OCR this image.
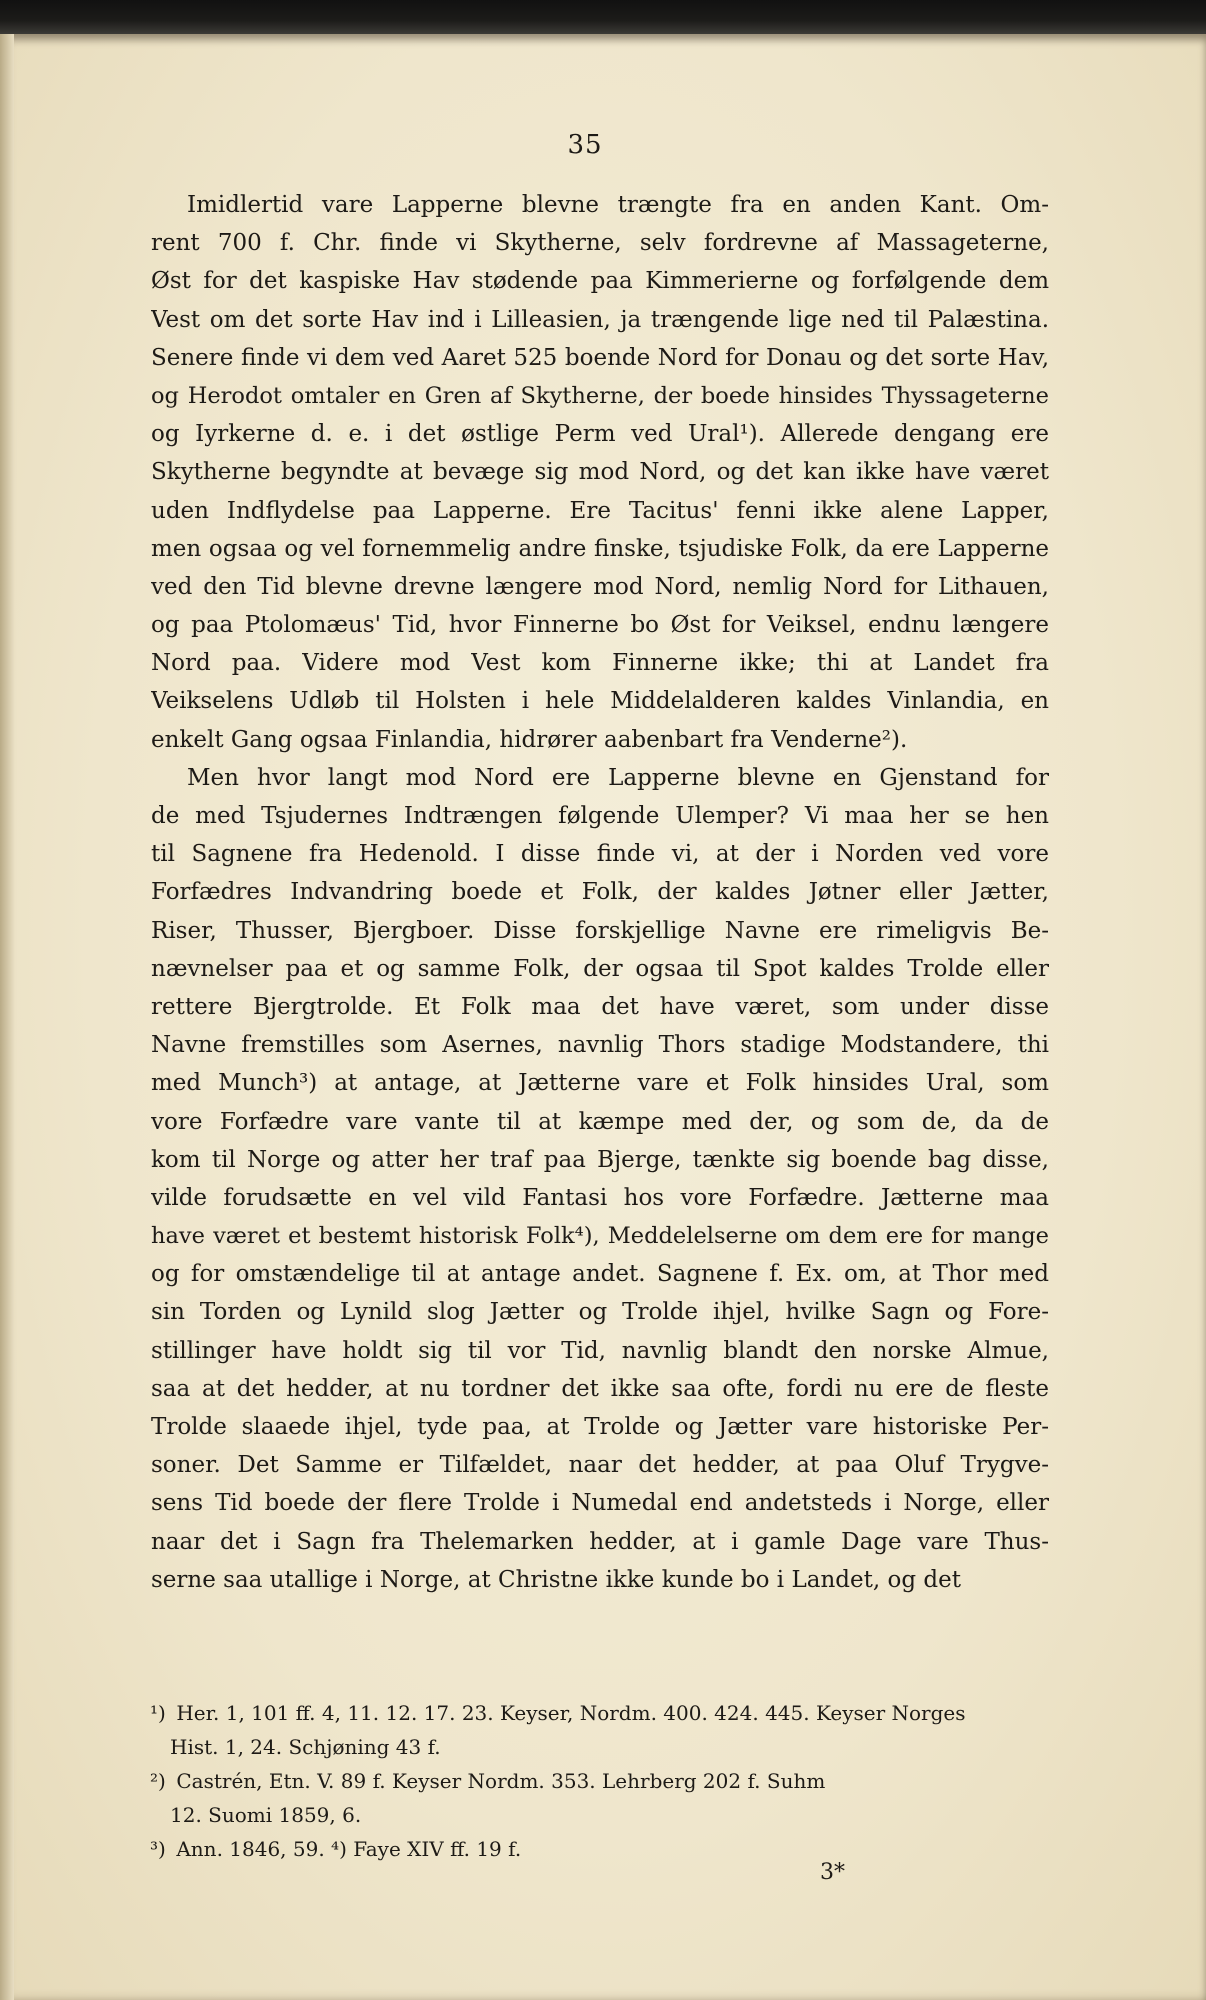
35
Imidlertid vare Lapperne blevne trængte fra en anden Kant. Om-
rent 700 f. Chr. finde vi Skytherne, selv fordrevne af Massageterne,
Øst for det kaspiske Hav stødende paa Kimmerierne og forfølgende dem
Vest om det sorte Hav ind i Lilleasien, ja trængende lige ned til Palæstina.
Senere finde vi dem ved Aaret 525 boende Nord for Donau og det sorte Hav,
og Herodot omtaler en Gren af Skytherne, der boede hinsides Thyssageterne
og Iyrkerne d. e. i det østlige Perm ved Ural¹). Allerede dengang ere
Skytherne begyndte at bevæge sig mod Nord, og det kan ikke have været
uden Indflydelse paa Lapperne. Ere Tacitus' fenni ikke alene Lapper,
men ogsaa og vel fornemmelig andre finske, tsjudiske Folk, da ere Lapperne
ved den Tid blevne drevne længere mod Nord, nemlig Nord for Lithauen,
og paa Ptolomæus' Tid, hvor Finnerne bo Øst for Veiksel, endnu længere
Nord paa. Videre mod Vest kom Finnerne ikke; thi at Landet fra
Veikselens Udløb til Holsten i hele Middelalderen kaldes Vinlandia, en
enkelt Gang ogsaa Finlandia, hidrører aabenbart fra Venderne²).
Men hvor langt mod Nord ere Lapperne blevne en Gjenstand for
de med Tsjudernes Indtrængen følgende Ulemper? Vi maa her se hen
til Sagnene fra Hedenold. I disse finde vi, at der i Norden ved vore
Forfædres Indvandring boede et Folk, der kaldes Jøtner eller Jætter,
Riser, Thusser, Bjergboer. Disse forskjellige Navne ere rimeligvis Be-
nævnelser paa et og samme Folk, der ogsaa til Spot kaldes Trolde eller
rettere Bjergtrolde. Et Folk maa det have været, som under disse
Navne fremstilles som Asernes, navnlig Thors stadige Modstandere, thi
med Munch³) at antage, at Jætterne vare et Folk hinsides Ural, som
vore Forfædre vare vante til at kæmpe med der, og som de, da de
kom til Norge og atter her traf paa Bjerge, tænkte sig boende bag disse,
vilde forudsætte en vel vild Fantasi hos vore Forfædre. Jætterne maa
have været et bestemt historisk Folk⁴), Meddelelserne om dem ere for mange
og for omstændelige til at antage andet. Sagnene f. Ex. om, at Thor med
sin Torden og Lynild slog Jætter og Trolde ihjel, hvilke Sagn og Fore-
stillinger have holdt sig til vor Tid, navnlig blandt den norske Almue,
saa at det hedder, at nu tordner det ikke saa ofte, fordi nu ere de fleste
Trolde slaaede ihjel, tyde paa, at Trolde og Jætter vare historiske Per-
soner. Det Samme er Tilfældet, naar det hedder, at paa Oluf Trygve-
sens Tid boede der flere Trolde i Numedal end andetsteds i Norge, eller
naar det i Sagn fra Thelemarken hedder, at i gamle Dage vare Thus-
serne saa utallige i Norge, at Christne ikke kunde bo i Landet, og det
¹) Her. 1, 101 ff. 4, 11. 12. 17. 23. Keyser, Nordm. 400. 424. 445. Keyser Norges
Hist. 1, 24. Schjøning 43 f.
²) Castrén, Etn. V. 89 f. Keyser Nordm. 353. Lehrberg 202 f. Suhm
12. Suomi 1859, 6.
³) Ann. 1846, 59. ⁴) Faye XIV ff. 19 f.
3*
